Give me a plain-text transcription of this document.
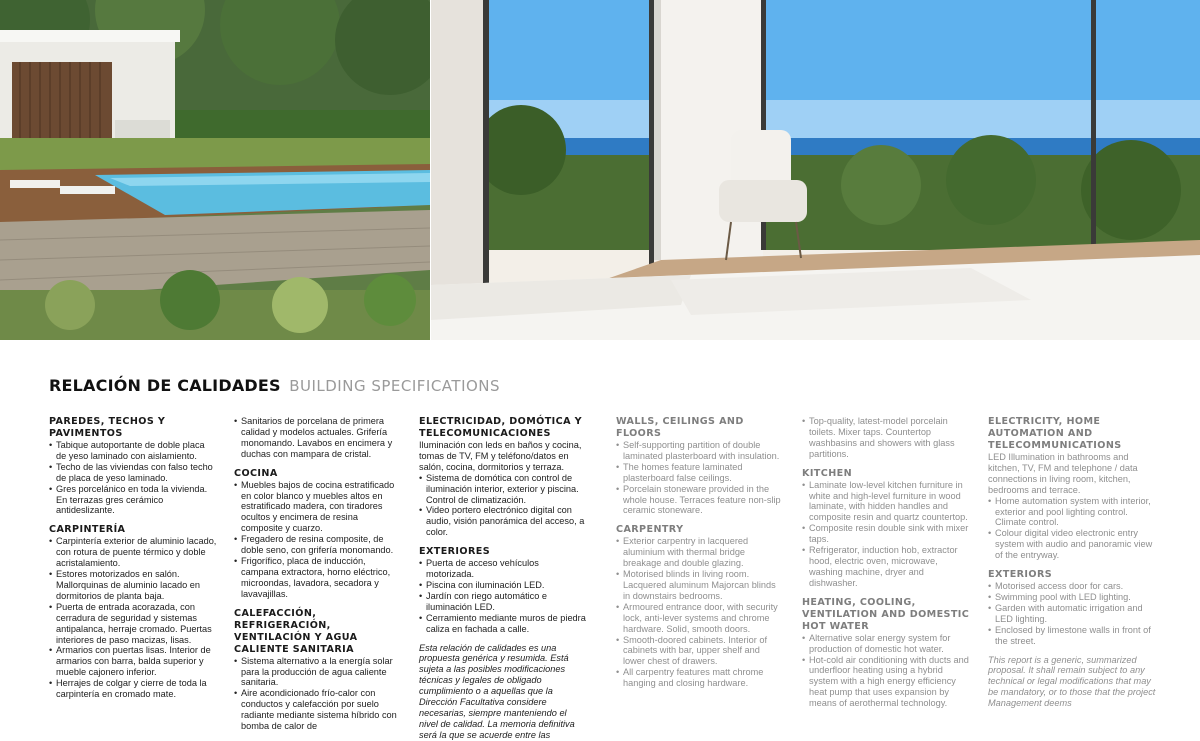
RELACIÓN DE CALIDADES BUILDING SPECIFICATIONS
PAREDES, TECHOS Y PAVIMENTOS
• Tabique autoportante de doble placa de yeso laminado con aislamiento.
• Techo de las viviendas con falso techo de placa de yeso laminado.
• Gres porcelánico en toda la vivienda. En terrazas gres cerámico antideslizante.
CARPINTERÍA
• Carpintería exterior de aluminio lacado, con rotura de puente térmico y doble acristalamiento.
• Estores motorizados en salón. Mallorquinas de aluminio lacado en dormitorios de planta baja.
• Puerta de entrada acorazada, con cerradura de seguridad y sistemas antipalanca, herraje cromado. Puertas interiores de paso macizas, lisas.
• Armarios con puertas lisas. Interior de armarios con barra, balda superior y mueble cajonero inferior.
• Herrajes de colgar y cierre de toda la carpintería en cromado mate.
• Sanitarios de porcelana de primera calidad y modelos actuales. Grifería monomando. Lavabos en encimera y duchas con mampara de cristal.
COCINA
• Muebles bajos de cocina estratificado en color blanco y muebles altos en estratificado madera, con tiradores ocultos y encimera de resina composite y cuarzo.
• Fregadero de resina composite, de doble seno, con grifería monomando.
• Frigorífico, placa de inducción, campana extractora, horno eléctrico, microondas, lavadora, secadora y lavavajillas.
CALEFACCIÓN, REFRIGERACIÓN, VENTILACIÓN Y AGUA CALIENTE SANITARIA
• Sistema alternativo a la energía solar para la producción de agua caliente sanitaria.
• Aire acondicionado frío-calor con conductos y calefacción por suelo radiante mediante sistema híbrido con bomba de calor de
ELECTRICIDAD, DOMÓTICA Y TELECOMUNICACIONES

Iluminación con leds en baños y cocina, tomas de TV, FM y teléfono/datos en salón, cocina, dormitorios y terraza.

• Sistema de domótica con control de iluminación interior, exterior y piscina. Control de climatización.
• Video portero electrónico digital con audio, visión panorámica del acceso, a color.
EXTERIORES
• Puerta de acceso vehículos motorizada.
• Piscina con iluminación LED.
• Jardín con riego automático e iluminación LED.
• Cerramiento mediante muros de piedra caliza en fachada a calle.
Esta relación de calidades es una propuesta genérica y resumida. Está sujeta a las posibles modificaciones técnicas y legales de obligado cumplimiento o a aquellas que la Dirección Facultativa considere necesarias, siempre manteniendo el nivel de calidad. La memoria definitiva será la que se acuerde entre las
WALLS, CEILINGS AND FLOORS
• Self-supporting partition of double laminated plasterboard with insulation.
• The homes feature laminated plasterboard false ceilings.
• Porcelain stoneware provided in the whole house. Terraces feature non-slip ceramic stoneware.
CARPENTRY
• Exterior carpentry in lacquered aluminium with thermal bridge breakage and double glazing.
• Motorised blinds in living room. Lacquered aluminum Majorcan blinds in downstairs bedrooms.
• Armoured entrance door, with security lock, anti-lever systems and chrome hardware. Solid, smooth doors.
• Smooth-doored cabinets. Interior of cabinets with bar, upper shelf and lower chest of drawers.
• All carpentry features matt chrome hanging and closing hardware.
• Top-quality, latest-model porcelain toilets. Mixer taps. Countertop washbasins and showers with glass partitions.
KITCHEN
• Laminate low-level kitchen furniture in white and high-level furniture in wood laminate, with hidden handles and composite resin and quartz countertop.
• Composite resin double sink with mixer taps.
• Refrigerator, induction hob, extractor hood, electric oven, microwave, washing machine, dryer and dishwasher.
HEATING, COOLING, VENTILATION AND DOMESTIC HOT WATER
• Alternative solar energy system for production of domestic hot water.
• Hot-cold air conditioning with ducts and underfloor heating using a hybrid system with a high energy efficiency heat pump that uses expansion by means of aerothermal technology.
ELECTRICITY, HOME AUTOMATION AND TELECOMMUNICATIONS

LED Illumination in bathrooms and kitchen, TV, FM and telephone / data connections in living room, kitchen, bedrooms and terrace.

• Home automation system with interior, exterior and pool lighting control. Climate control.
• Colour digital video electronic entry system with audio and panoramic view of the entryway.
EXTERIORS
• Motorised access door for cars.
• Swimming pool with LED lighting.
• Garden with automatic irrigation and LED lighting.
• Enclosed by limestone walls in front of the street.
This report is a generic, summarized proposal. It shall remain subject to any technical or legal modifications that may be mandatory, or to those that the project Management deems
